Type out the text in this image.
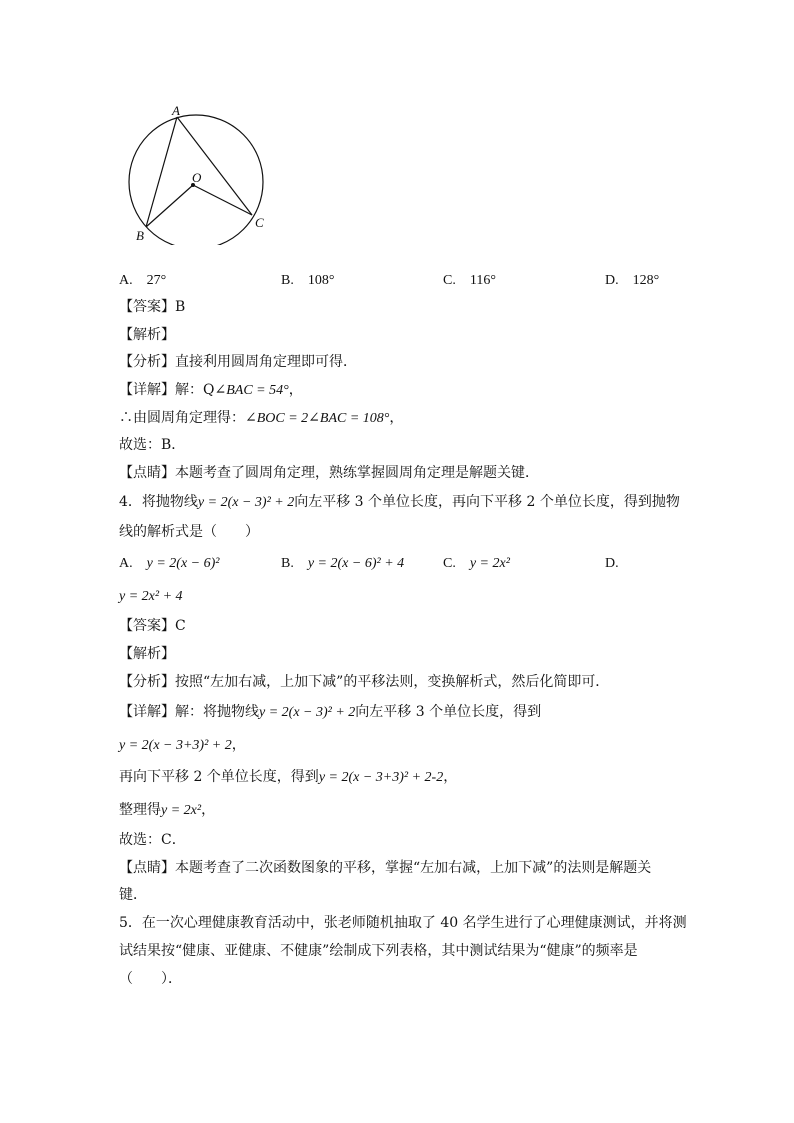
A
O
B
C
A. 27°	B. 108°	C. 116°	D. 128°
【答案】B
【解析】
【分析】直接利用圆周角定理即可得．
【详解】解：Q∠BAC = 54°，
∴由圆周角定理得：∠BOC = 2∠BAC = 108°，
故选：B．
【点睛】本题考查了圆周角定理，熟练掌握圆周角定理是解题关键．
4．将抛物线y = 2(x − 3)² + 2向左平移 3 个单位长度，再向下平移 2 个单位长度，得到抛物
线的解析式是（　　）
A. y = 2(x − 6)²	B. y = 2(x − 6)² + 4	C. y = 2x²	D.
y = 2x² + 4
【答案】C
【解析】
【分析】按照“左加右减，上加下减”的平移法则，变换解析式，然后化简即可．
【详解】解：将抛物线y = 2(x − 3)² + 2向左平移 3 个单位长度，得到
y = 2(x − 3+3)² + 2，
再向下平移 2 个单位长度，得到y = 2(x − 3+3)² + 2-2，
整理得y = 2x²，
故选：C．
【点睛】本题考查了二次函数图象的平移，掌握“左加右减，上加下减”的法则是解题关
键．
5．在一次心理健康教育活动中，张老师随机抽取了 40 名学生进行了心理健康测试，并将测
试结果按“健康、亚健康、不健康”绘制成下列表格，其中测试结果为“健康”的频率是
（　　）．
